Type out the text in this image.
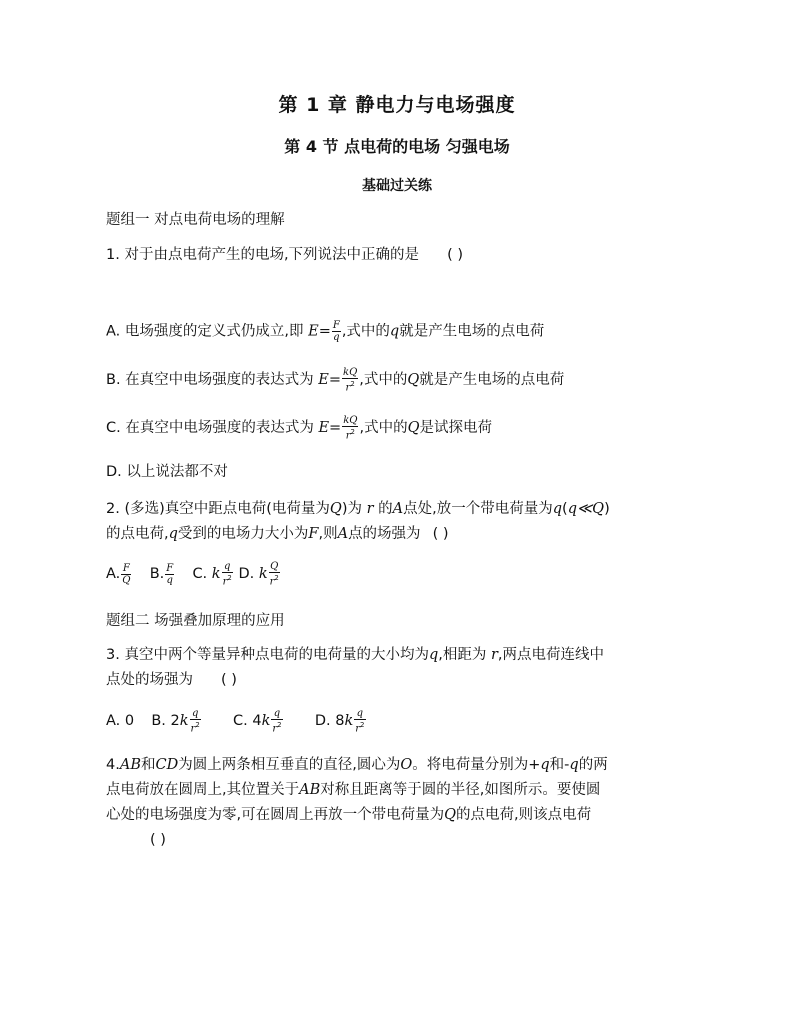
第 1 章 静电力与电场强度
第 4 节 点电荷的电场 匀强电场
基础过关练
题组一 对点电荷电场的理解
1. 对于由点电荷产生的电场,下列说法中正确的是 ( )
A. 电场强度的定义式仍成立,即 $E= \frac{F}{q}$ ,式中的q就是产生电场的点电荷
B. 在真空中电场强度的表达式为 $E= \frac{kQ}{r^2}$ ,式中的Q就是产生电场的点电荷
C. 在真空中电场强度的表达式为 $E= \frac{kQ}{r^2}$ ,式中的Q是试探电荷
D. 以上说法都不对
2. (多选)真空中距点电荷(电荷量为Q)为 r 的A点处,放一个带电荷量为q(q≪Q)
的点电荷,q受到的电场力大小为F,则A点的场强为 ( )
A. $\frac{F}{Q} B$. $\frac{F}{q} C$. k $\frac{q}{r^2} D$. k $\frac{Q}{r^2}$
题组二 场强叠加原理的应用
3. 真空中两个等量异种点电荷的电荷量的大小均为q,相距为 r,两点电荷连线中
点处的场强为 ( )
A. 0 B. $2k \frac{q}{r^2} C$. $4k \frac{q}{r^2} D$. $8k \frac{q}{r^2}$
4.AB和CD为圆上两条相互垂直的直径,圆心为O。将电荷量分别为+q和-q的两
点电荷放在圆周上,其位置关于AB对称且距离等于圆的半径,如图所示。要使圆
心处的电场强度为零,可在圆周上再放一个带电荷量为Q的点电荷,则该点电荷
( )
